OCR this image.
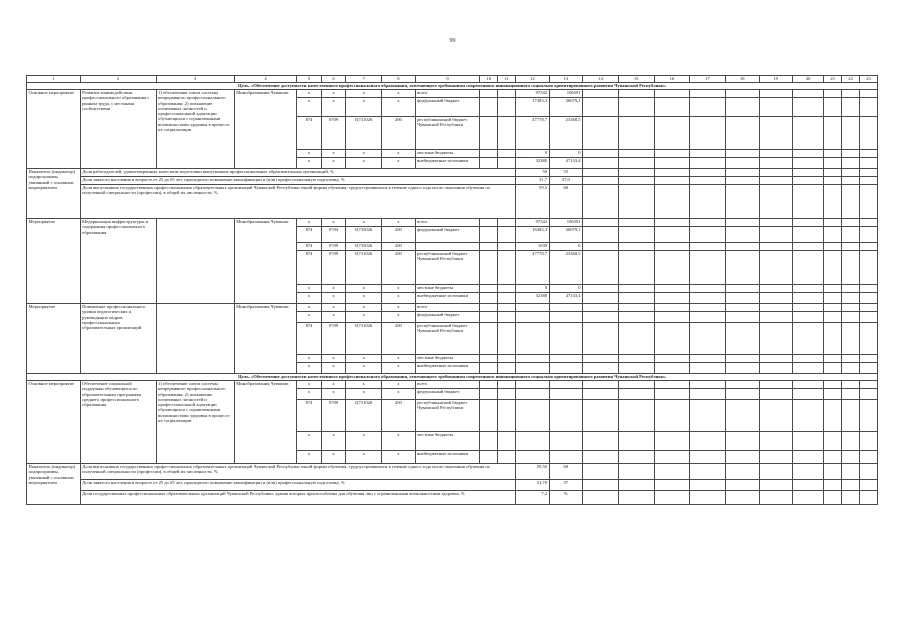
99
1	2	3	4	5	6	7	8	9	10	11	12	13	14	15	16	17	18	19	20	21	22	23
Цель. «Обеспечение доступности качественного профессионального образования, отвечающего требованиям современного инновационного социально ориентированного развития Чувашской Республики»																						
Основное мероприятие	Развитие взаимодействия профессионального образования с рынком труда, с местными сообществами	1) обеспечение союза системы непрерывного профессионального образования; 2) повышение позитивных личностей и профессиональной адаптации обучающихся с ограниченными возможностями здоровья в процессе их социализации	Минобразования Чувашии	x	x	x	x	всего			97542	106591										
				x	x	x	x	федеральный бюджет			17383,3	36079,1										
				874	0709	Ц731026	200	республиканский бюджет Чувашской Республики			47778,7	23368,5										
				x	x	x	x	местные бюджеты			0	0										
				x	x	x	x	внебюджетные источники			32380	47143,4										
Показатель (индикатор) подпрограммы, увязанный с основным мероприятием	Доля работодателей, удовлетворенных качеством подготовки выпускников профессиональных образовательных организаций, %										50	55										
	Доля занятого населения в возрасте от 25 до 65 лет, прошедшего повышение квалификации и (или) профессиональную подготовку, %										31,7	37,0										
	Доля выпускников государственных профессиональных образовательных организаций Чувашской Республики очной формы обучения, трудоустроившихся в течение одного года после окончания обучения по полученной специальности (профессии), в общей их численности, %										59,5	60										
Мероприятие	Модернизация инфраструктуры и содержания профессионального образования		Минобразования Чувашии	x	x	x	x	всего			97542	106591										
				874	0704	Ц735026	200	федеральный бюджет			16383,3	36079,1										
				874	0709	Ц735026	200				1039	0										
				874	0709	Ц731026	200	республиканский бюджет Чувашской Республики			47778,7	23368,5										
				x	x	x	x	местные бюджеты			0	0										
				x	x	x	x	внебюджетные источники			32380	47143,4										
Мероприятие	Повышение профессионального уровня педагогических и руководящих кадров профессиональных образовательных организаций		Минобразования Чувашии	x	x	x	x	всего														
				x	x	x	x	федеральный бюджет														
				874	0709	Ц731026	200	республиканский бюджет Чувашской Республики														
				x	x	x	x	местные бюджеты														
				x	x	x	x	внебюджетные источники														
Цель. «Обеспечение доступности качественного профессионального образования, отвечающего требованиям современного инновационного социально ориентированного развития Чувашской Республики»																						
Основное мероприятие	Обеспечение социальной поддержки обучающихся по образовательным программам среднего профессионального образования	1) обеспечение союза системы непрерывного профессионального образования; 2) повышение позитивных личностей и профессиональной адаптации обучающихся с ограниченными возможностями здоровья в процессе их социализации	Минобразования Чувашии	x	x	x	x	всего														
				x	x	x	x	федеральный бюджет														
				874	0709	Ц731026	200	республиканский бюджет Чувашской Республики														
				x	x	x	x	местные бюджеты														
				x	x	x	x	внебюджетные источники														
Показатель (индикатор) подпрограммы, увязанный с основным мероприятием	Доля выпускников государственных профессиональных образовательных организаций Чувашской Республики очной формы обучения, трудоустроившихся в течение одного года после окончания обучения по полученной специальности (профессии), в общей их численности, %										59,50	60										
	Доля занятого населения в возрасте от 25 до 65 лет, прошедшего повышение квалификации и (или) профессиональную подготовку, %										31,70	37										
	Доля государственных профессиональных образовательных организаций Чувашской Республики, здания которых приспособлены для обучения лиц с ограниченными возможностями здоровья, %										7,2	%										
